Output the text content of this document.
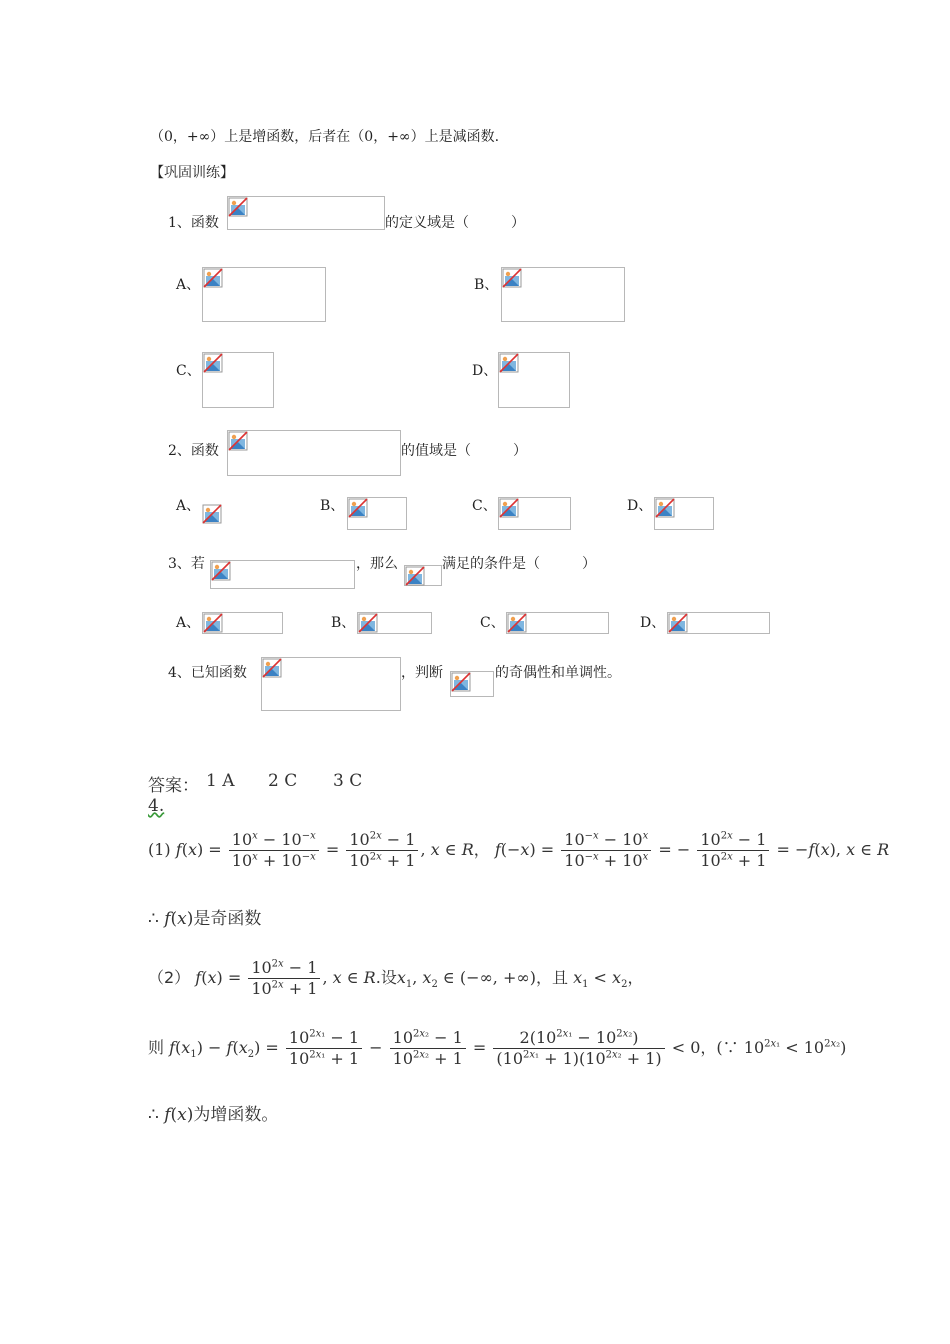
（0，+∞）上是增函数，后者在（0，+∞）上是减函数.
【巩固训练】
1、函数	的定义域是（　　　）
A、	B、
C、	D、
2、函数	的值域是（　　　）
A、	B、	C、	D、
3、若	，那么	满足的条件是（　　　）
A、	B、	C、	D、
4、已知函数	，判断	的奇偶性和单调性。
答案： 1 A 2 C 3 C
4.
(1) $f(x) = \frac{10^x - 10^{-x}}{10^x + 10^{-x}} = \frac{10^{2x} - 1}{10^{2x} + 1}$ , x ∈ R， $f(-x) = \frac{10^{-x} - 10^x}{10^{-x} + 10^x}$ = − $\frac{10^{2x} - 1}{10^{2x} + 1} = -f(x)$, x ∈ R
∴ f(x)是奇函数
（2） $f(x) = \frac{10^{2x} - 1}{10^{2x} + 1}$ , x ∈ R.设$x_1$, $x_2$ ∈ (−∞, +∞)，且 $x_1 < x_2$，
则 $f(x_1) - f(x_2) = \frac{10^{2x_1} - 1}{10^{2x_1} + 1} - \frac{10^{2x_2} - 1}{10^{2x_2} + 1} = \frac{2(10^{2x_1} - 10^{2x_2})}{(10^{2x_1} + 1)(10^{2x_2} + 1)} < 0$，(∵ $10^{2x_1} < 10^{2x_2}$)
∴ f(x)为增函数。
